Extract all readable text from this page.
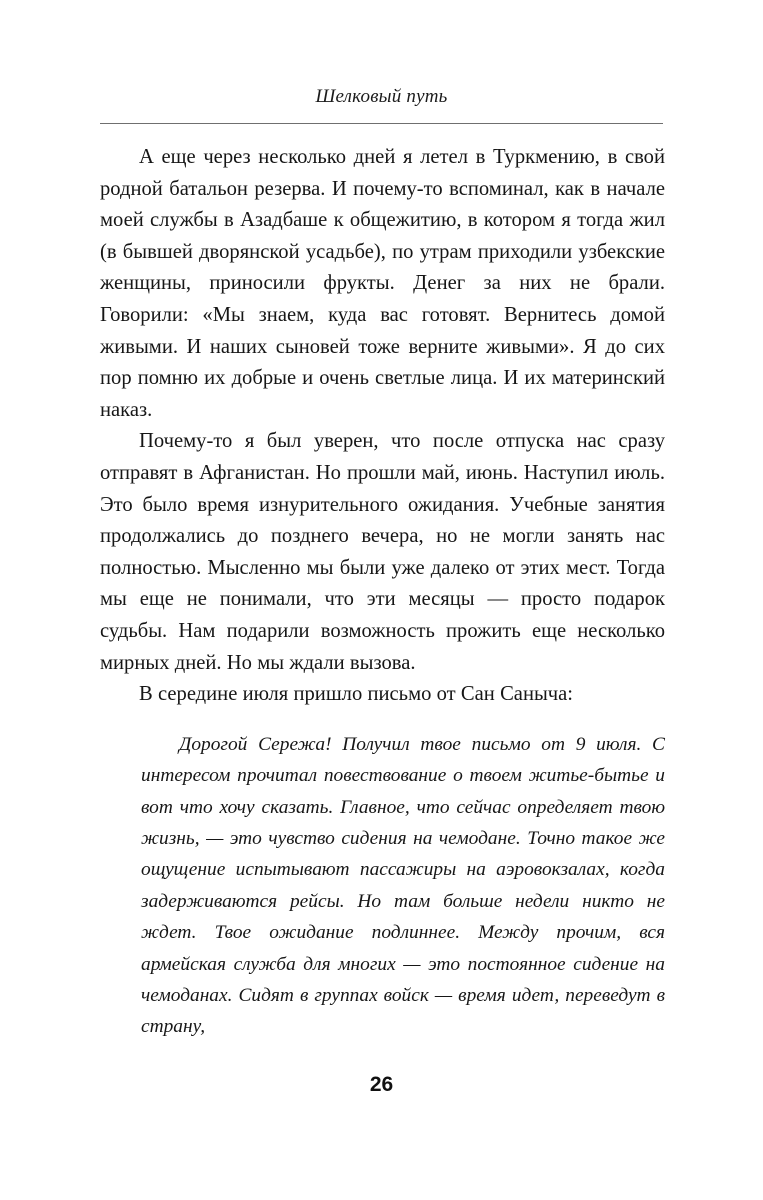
Шелковый путь

А еще через несколько дней я летел в Туркмению, в свой родной батальон резерва. И почему-то вспоминал, как в начале моей службы в Азадбаше к общежитию, в котором я тогда жил (в бывшей дворянской усадьбе), по утрам приходили узбекские женщины, приносили фрукты. Денег за них не брали. Говорили: «Мы знаем, куда вас готовят. Вернитесь домой живыми. И наших сыновей тоже верните живыми». Я до сих пор помню их добрые и очень светлые лица. И их материнский наказ.

Почему-то я был уверен, что после отпуска нас сразу отправят в Афганистан. Но прошли май, июнь. Наступил июль. Это было время изнурительного ожидания. Учебные занятия продолжались до позднего вечера, но не могли занять нас полностью. Мысленно мы были уже далеко от этих мест. Тогда мы еще не понимали, что эти месяцы — просто подарок судьбы. Нам подарили возможность прожить еще несколько мирных дней. Но мы ждали вызова.

В середине июля пришло письмо от Сан Саныча:

Дорогой Сережа! Получил твое письмо от 9 июля. С интересом прочитал повествование о твоем житье-бытье и вот что хочу сказать. Главное, что сейчас определяет твою жизнь, — это чувство сидения на чемодане. Точно такое же ощущение испытывают пассажиры на аэровокзалах, когда задерживаются рейсы. Но там больше недели никто не ждет. Твое ожидание подлиннее. Между прочим, вся армейская служба для многих — это постоянное сидение на чемоданах. Сидят в группах войск — время идет, переведут в страну,

26
